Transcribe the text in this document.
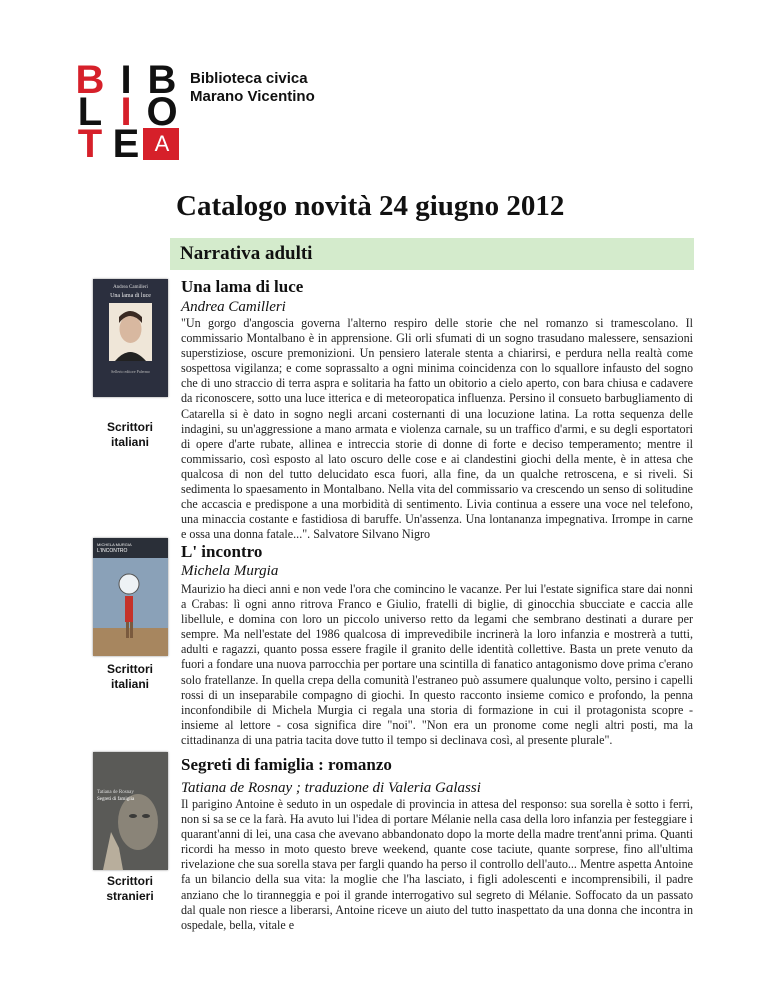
B I B
L I O
T E A
Biblioteca civica
Marano Vicentino
Catalogo novità 24 giugno 2012
Narrativa adulti
Andrea Camilleri
Una lama di luce
Sellerio editore Palermo
Scrittori
italiani
Una lama di luce
Andrea Camilleri

"Un gorgo d'angoscia governa l'alterno respiro delle storie che nel romanzo si tramescolano. Il commissario Montalbano è in apprensione. Gli orli sfumati di un sogno trasudano malessere, sensazioni superstiziose, oscure premonizioni. Un pensiero laterale stenta a chiarirsi, e perdura nella realtà come sospettosa vigilanza; e come soprassalto a ogni minima coincidenza con lo squallore infausto del sogno che di uno straccio di terra aspra e solitaria ha fatto un obitorio a cielo aperto, con bara chiusa e cadavere da riconoscere, sotto una luce itterica e di meteoropatica influenza. Persino il consueto barbugliamento di Catarella si è dato in sogno negli arcani costernanti di una locuzione latina. La rotta sequenza delle indagini, su un'aggressione a mano armata e violenza carnale, su un traffico d'armi, e su degli esportatori di opere d'arte rubate, allinea e intreccia storie di donne di forte e deciso temperamento; mentre il commissario, così esposto al lato oscuro delle cose e ai clandestini giochi della mente, è in attesa che qualcosa di non del tutto delucidato esca fuori, alla fine, da un qualche retroscena, e si riveli. Si sedimenta lo spaesamento in Montalbano. Nella vita del commissario va crescendo un senso di solitudine che accascia e predispone a una morbidità di sentimento. Livia continua a essere una voce nel telefono, una minaccia costante e fastidiosa di baruffe. Un'assenza. Una lontananza impegnativa. Irrompe in carne e ossa una donna fatale...". Salvatore Silvano Nigro

MICHELA MURGIA
L'INCONTRO
Scrittori
italiani
L' incontro
Michela Murgia

Maurizio ha dieci anni e non vede l'ora che comincino le vacanze. Per lui l'estate significa stare dai nonni a Crabas: lì ogni anno ritrova Franco e Giulio, fratelli di biglie, di ginocchia sbucciate e caccia alle libellule, e domina con loro un piccolo universo retto da legami che sembrano destinati a durare per sempre. Ma nell'estate del 1986 qualcosa di imprevedibile incrinerà la loro infanzia e mostrerà a tutti, adulti e ragazzi, quanto possa essere fragile il granito delle identità collettive. Basta un prete venuto da fuori a fondare una nuova parrocchia per portare una scintilla di fanatico antagonismo dove prima c'erano solo fratellanze. In quella crepa della comunità l'estraneo può assumere qualunque volto, persino i capelli rossi di un inseparabile compagno di giochi. In questo racconto insieme comico e profondo, la penna inconfondibile di Michela Murgia ci regala una storia di formazione in cui il protagonista scopre - insieme al lettore - cosa significa dire "noi". "Non era un pronome come negli altri posti, ma la cittadinanza di una patria tacita dove tutto il tempo si declinava così, al presente plurale".

Tatiana de Rosnay
Segreti di famiglia
Scrittori
stranieri
Segreti di famiglia : romanzo
Tatiana de Rosnay ; traduzione di Valeria Galassi

Il parigino Antoine è seduto in un ospedale di provincia in attesa del responso: sua sorella è sotto i ferri, non si sa se ce la farà. Ha avuto lui l'idea di portare Mélanie nella casa della loro infanzia per festeggiare i quarant'anni di lei, una casa che avevano abbandonato dopo la morte della madre trent'anni prima. Quanti ricordi ha messo in moto questo breve weekend, quante cose taciute, quante sorprese, fino all'ultima rivelazione che sua sorella stava per fargli quando ha perso il controllo dell'auto... Mentre aspetta Antoine fa un bilancio della sua vita: la moglie che l'ha lasciato, i figli adolescenti e incomprensibili, il padre anziano che lo tiranneggia e poi il grande interrogativo sul segreto di Mélanie. Soffocato da un passato dal quale non riesce a liberarsi, Antoine riceve un aiuto del tutto inaspettato da una donna che incontra in ospedale, bella, vitale e
